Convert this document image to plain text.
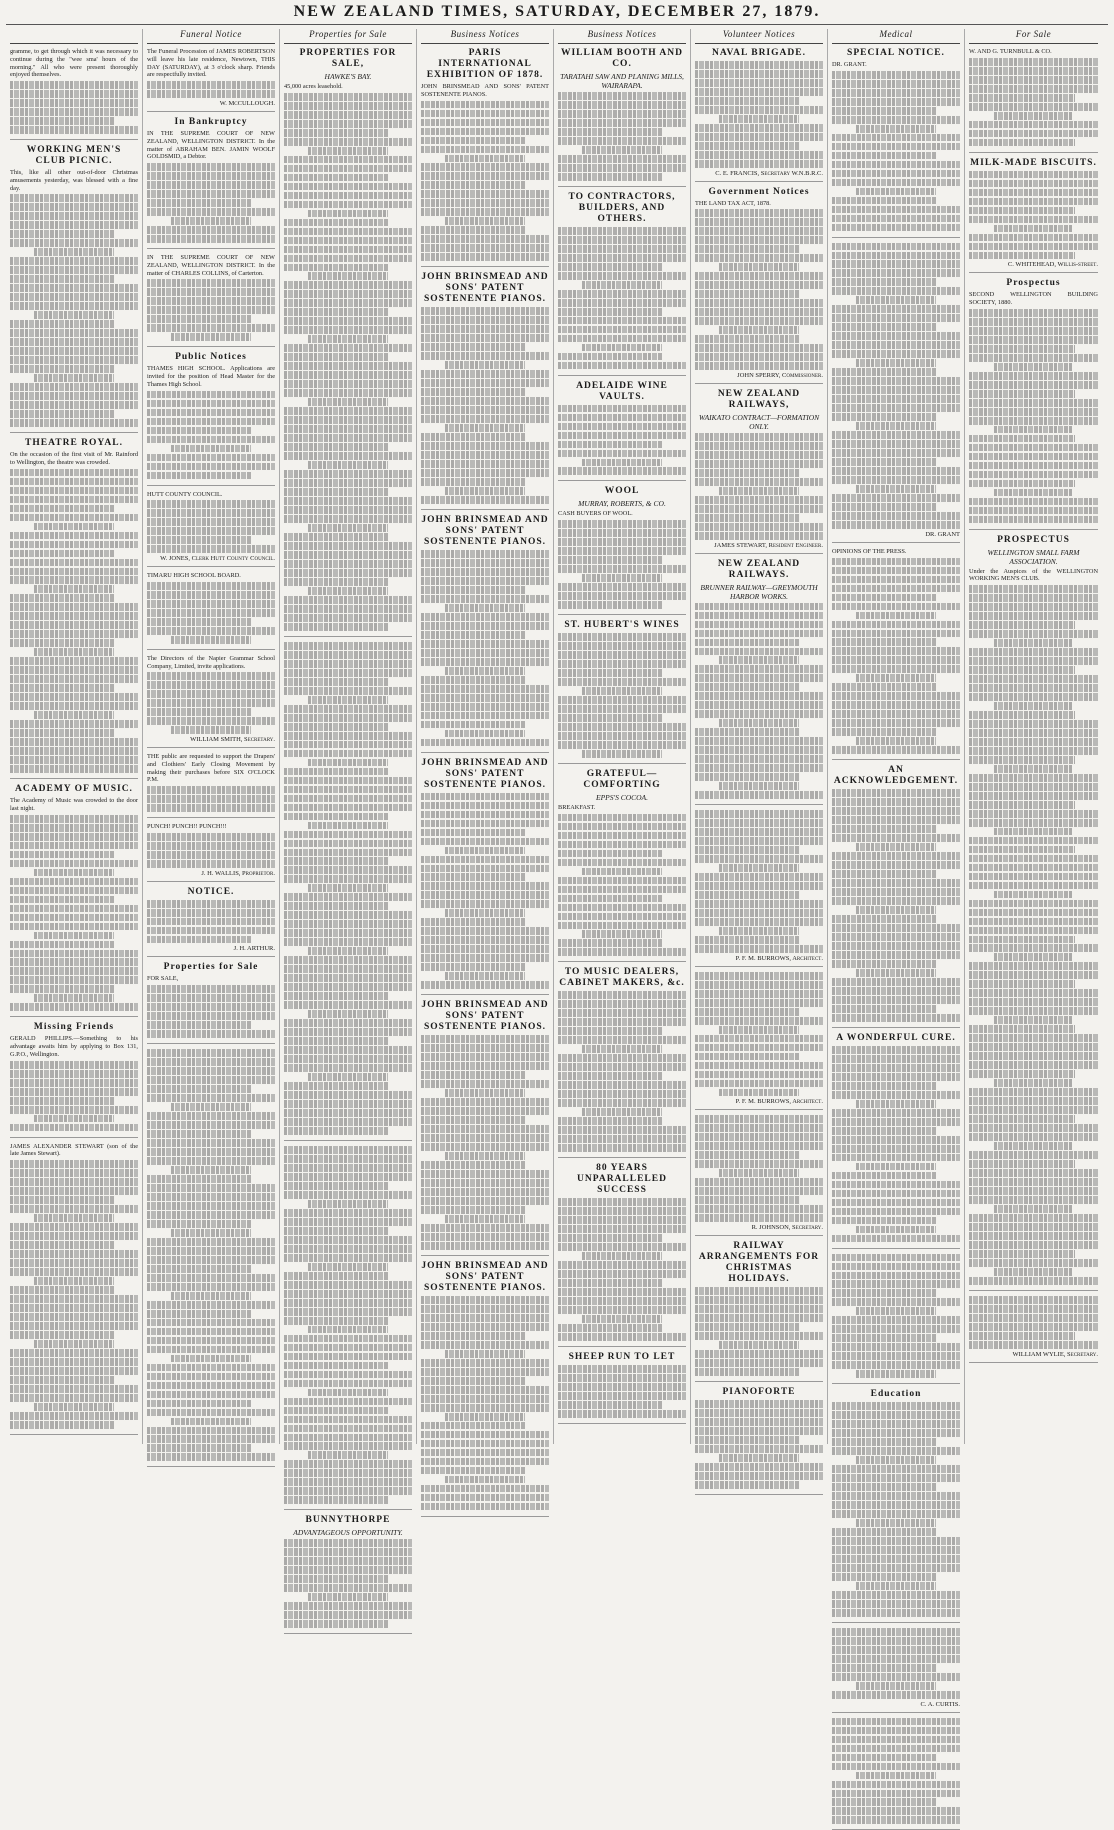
NEW ZEALAND TIMES, SATURDAY, DECEMBER 27, 1879.
gramme, to get through which it was necessary to continue during the "wee sma' hours of the morning." All who were present thoroughly enjoyed themselves.
WORKING MEN'S CLUB PICNIC.
This, like all other out-of-door Christmas amusements yesterday, was blessed with a fine day.
THEATRE ROYAL.
On the occasion of the first visit of Mr. Rainford to Wellington, the theatre was crowded.
ACADEMY OF MUSIC.
The Academy of Music was crowded to the door last night.
Missing Friends
GERALD PHILLIPS.—Something to his advantage awaits him by applying to Box 131, G.P.O., Wellington.
JAMES ALEXANDER STEWART (son of the late James Stewart).
Funeral Notice
The Funeral Procession of JAMES ROBERTSON will leave his late residence, Newtown, THIS DAY (SATURDAY), at 3 o'clock sharp. Friends are respectfully invited.
W. McCULLOUGH.
In Bankruptcy
IN THE SUPREME COURT OF NEW ZEALAND, WELLINGTON DISTRICT. In the matter of ABRAHAM BEN. JAMIN WOOLF GOLDSMID, a Debtor.
IN THE SUPREME COURT OF NEW ZEALAND, WELLINGTON DISTRICT. In the matter of CHARLES COLLINS, of Carterton.
Public Notices
THAMES HIGH SCHOOL. Applications are invited for the position of Head Master for the Thames High School.
HUTT COUNTY COUNCIL.
W. JONES, Clerk Hutt County Council.
TIMARU HIGH SCHOOL BOARD.
The Directors of the Napier Grammar School Company, Limited, invite applications.
WILLIAM SMITH, Secretary.
THE public are requested to support the Drapers' and Clothiers' Early Closing Movement by making their purchases before SIX O'CLOCK P.M.
PUNCH! PUNCH!! PUNCH!!!
J. H. WALLIS, Proprietor.
NOTICE.
J. H. ARTHUR.
Properties for Sale
FOR SALE,
Properties for Sale
PROPERTIES FOR SALE,
HAWKE'S BAY.
45,000 acres leasehold.
BUNNYTHORPE
ADVANTAGEOUS OPPORTUNITY.
Business Notices
PARIS INTERNATIONAL EXHIBITION OF 1878.
JOHN BRINSMEAD AND SONS' PATENT SOSTENENTE PIANOS.
JOHN BRINSMEAD AND SONS' PATENT SOSTENENTE PIANOS.
JOHN BRINSMEAD AND SONS' PATENT SOSTENENTE PIANOS.
JOHN BRINSMEAD AND SONS' PATENT SOSTENENTE PIANOS.
JOHN BRINSMEAD AND SONS' PATENT SOSTENENTE PIANOS.
JOHN BRINSMEAD AND SONS' PATENT SOSTENENTE PIANOS.
Business Notices
WILLIAM BOOTH AND CO.
TARATAHI SAW AND PLANING MILLS, WAIRARAPA.
TO CONTRACTORS, BUILDERS, AND OTHERS.
ADELAIDE WINE VAULTS.
WOOL
MURRAY, ROBERTS, & CO.
CASH BUYERS OF WOOL.
ST. HUBERT'S WINES
GRATEFUL—COMFORTING
EPPS'S COCOA.
BREAKFAST.
TO MUSIC DEALERS, CABINET MAKERS, &c.
80 YEARS UNPARALLELED SUCCESS
SHEEP RUN TO LET
Volunteer Notices
NAVAL BRIGADE.
C. E. FRANCIS, Secretary W.N.B.R.C.
Government Notices
THE LAND TAX ACT, 1878.
JOHN SPERRY, Commissioner.
NEW ZEALAND RAILWAYS,
WAIKATO CONTRACT—FORMATION ONLY.
JAMES STEWART, Resident Engineer.
NEW ZEALAND RAILWAYS.
BRUNNER RAILWAY—GREYMOUTH HARBOR WORKS.
P. F. M. BURROWS, Architect.
P. F. M. BURROWS, Architect.
R. JOHNSON, Secretary.
RAILWAY ARRANGEMENTS FOR CHRISTMAS HOLIDAYS.
PIANOFORTE
Medical
SPECIAL NOTICE.
DR. GRANT.
DR. GRANT
OPINIONS OF THE PRESS.
AN ACKNOWLEDGEMENT.
A WONDERFUL CURE.
Education
C. A. CURTIS.
For Sale
W. AND G. TURNBULL & CO.
MILK-MADE BISCUITS.
C. WHITEHEAD, Willis-street.
Prospectus
SECOND WELLINGTON BUILDING SOCIETY, 1880.
PROSPECTUS
WELLINGTON SMALL FARM ASSOCIATION.
Under the Auspices of the WELLINGTON WORKING MEN'S CLUB.
WILLIAM WYLIE, Secretary.
